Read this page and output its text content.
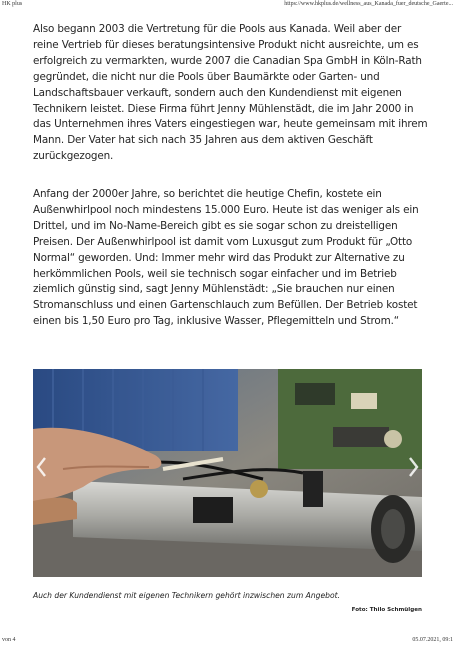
HK plus	https://www.hkplus.de/wellness_aus_Kanada_fuer_deutsche_Gaerte...

Also begann 2003 die Vertretung für die Pools aus Kanada. Weil aber der reine Vertrieb für dieses beratungsintensive Produkt nicht ausreichte, um es erfolgreich zu vermarkten, wurde 2007 die Canadian Spa GmbH in Köln-Rath gegründet, die nicht nur die Pools über Baumärkte oder Garten- und Landschaftsbauer verkauft, sondern auch den Kundendienst mit eigenen Technikern leistet. Diese Firma führt Jenny Mühlenstädt, die im Jahr 2000 in das Unternehmen ihres Vaters eingestiegen war, heute gemeinsam mit ihrem Mann. Der Vater hat sich nach 35 Jahren aus dem aktiven Geschäft zurückgezogen.

Anfang der 2000er Jahre, so berichtet die heutige Chefin, kostete ein Außenwhirlpool noch mindestens 15.000 Euro. Heute ist das weniger als ein Drittel, und im No-Name-Bereich gibt es sie sogar schon zu dreistelligen Preisen. Der Außenwhirlpool ist damit vom Luxusgut zum Produkt für „Otto Normal“ geworden. Und: Immer mehr wird das Produkt zur Alternative zu herkömmlichen Pools, weil sie technisch sogar einfacher und im Betrieb ziemlich günstig sind, sagt Jenny Mühlenstädt: „Sie brauchen nur einen Stromanschluss und einen Gartenschlauch zum Befüllen. Der Betrieb kostet einen bis 1,50 Euro pro Tag, inklusive Wasser, Pflegemitteln und Strom.“

Auch der Kundendienst mit eigenen Technikern gehört inzwischen zum Angebot.

Foto: Thilo Schmülgen

von 4	05.07.2021, 09:1
